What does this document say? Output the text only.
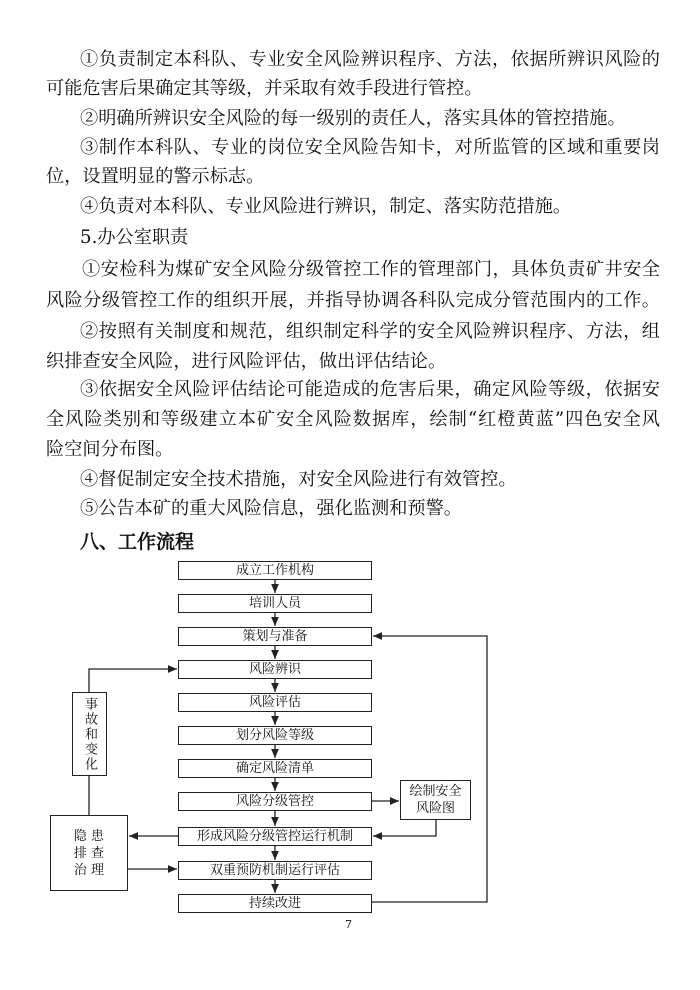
①负责制定本科队、专业安全风险辨识程序、方法，依据所辨识风险的
可能危害后果确定其等级，并采取有效手段进行管控。
②明确所辨识安全风险的每一级别的责任人，落实具体的管控措施。
③制作本科队、专业的岗位安全风险告知卡，对所监管的区域和重要岗
位，设置明显的警示标志。
④负责对本科队、专业风险进行辨识，制定、落实防范措施。
5.办公室职责
①安检科为煤矿安全风险分级管控工作的管理部门，具体负责矿井安全
风险分级管控工作的组织开展，并指导协调各科队完成分管范围内的工作。
②按照有关制度和规范，组织制定科学的安全风险辨识程序、方法，组
织排查安全风险，进行风险评估，做出评估结论。
③依据安全风险评估结论可能造成的危害后果，确定风险等级，依据安
全风险类别和等级建立本矿安全风险数据库，绘制“红橙黄蓝”四色安全风
险空间分布图。
④督促制定安全技术措施，对安全风险进行有效管控。
⑤公告本矿的重大风险信息，强化监测和预警。
八、工作流程
成立工作机构
培训人员
策划与准备
风险辨识
风险评估
划分风险等级
确定风险清单
风险分级管控
形成风险分级管控运行机制
双重预防机制运行评估
持续改进
事故和变化
隐 患
排 查
治 理
绘制安全
风险图
7
